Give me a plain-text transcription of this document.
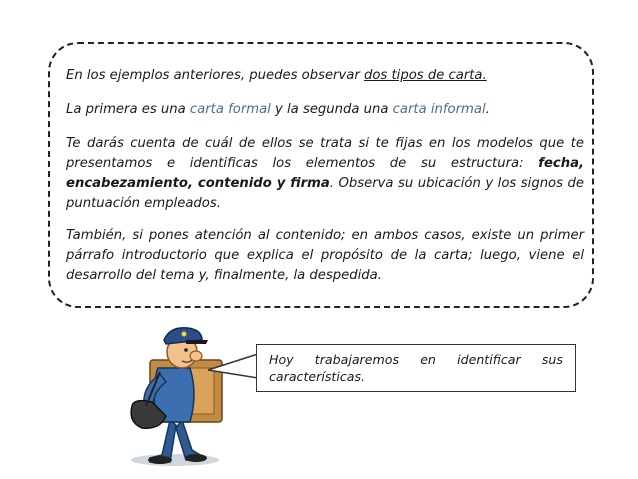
En los ejemplos anteriores, puedes observar dos tipos de carta.

La primera es una carta formal y la segunda una carta informal.

Te darás cuenta de cuál de ellos se trata si te fijas en los modelos que te presentamos e identificas los elementos de su estructura: fecha, encabezamiento, contenido y firma. Observa su ubicación y los signos de puntuación empleados.

También, si pones atención al contenido; en ambos casos, existe un primer párrafo introductorio que explica el propósito de la carta; luego, viene el desarrollo del tema y, finalmente, la despedida.

Hoy trabajaremos en identificar sus
características.
